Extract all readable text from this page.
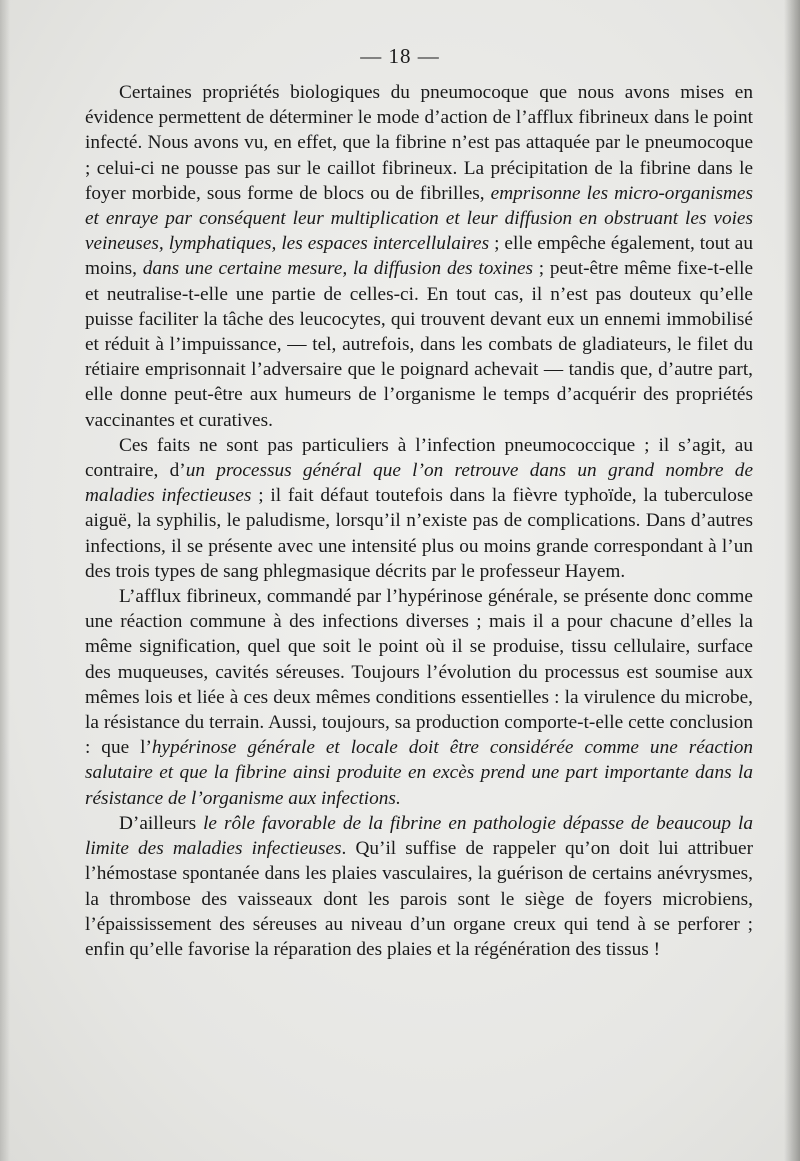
— 18 —

Certaines propriétés biologiques du pneumocoque que nous avons mises en évidence permettent de déterminer le mode d’action de l’afflux fibrineux dans le point infecté. Nous avons vu, en effet, que la fibrine n’est pas attaquée par le pneumocoque ; celui-ci ne pousse pas sur le caillot fibrineux. La précipitation de la fibrine dans le foyer morbide, sous forme de blocs ou de fibrilles, emprisonne les micro-organismes et enraye par conséquent leur multiplication et leur diffusion en obstruant les voies veineuses, lymphatiques, les espaces intercellulaires ; elle empêche également, tout au moins, dans une certaine mesure, la diffusion des toxines ; peut-être même fixe-t-elle et neutralise-t-elle une partie de celles-ci. En tout cas, il n’est pas douteux qu’elle puisse faciliter la tâche des leucocytes, qui trouvent devant eux un ennemi immobilisé et réduit à l’impuissance, — tel, autrefois, dans les combats de gladiateurs, le filet du rétiaire emprisonnait l’adversaire que le poignard achevait — tandis que, d’autre part, elle donne peut-être aux humeurs de l’organisme le temps d’acquérir des propriétés vaccinantes et curatives.

Ces faits ne sont pas particuliers à l’infection pneumococcique ; il s’agit, au contraire, d’un processus général que l’on retrouve dans un grand nombre de maladies infectieuses ; il fait défaut toutefois dans la fièvre typhoïde, la tuberculose aiguë, la syphilis, le paludisme, lorsqu’il n’existe pas de complications. Dans d’autres infections, il se présente avec une intensité plus ou moins grande correspondant à l’un des trois types de sang phlegmasique décrits par le professeur Hayem.

L’afflux fibrineux, commandé par l’hypérinose générale, se présente donc comme une réaction commune à des infections diverses ; mais il a pour chacune d’elles la même signification, quel que soit le point où il se produise, tissu cellulaire, surface des muqueuses, cavités séreuses. Toujours l’évolution du processus est soumise aux mêmes lois et liée à ces deux mêmes conditions essentielles : la virulence du microbe, la résistance du terrain. Aussi, toujours, sa production comporte-t-elle cette conclusion : que l’hypérinose générale et locale doit être considérée comme une réaction salutaire et que la fibrine ainsi produite en excès prend une part importante dans la résistance de l’organisme aux infections.

D’ailleurs le rôle favorable de la fibrine en pathologie dépasse de beaucoup la limite des maladies infectieuses. Qu’il suffise de rappeler qu’on doit lui attribuer l’hémostase spontanée dans les plaies vasculaires, la guérison de certains anévrysmes, la thrombose des vaisseaux dont les parois sont le siège de foyers microbiens, l’épaississement des séreuses au niveau d’un organe creux qui tend à se perforer ; enfin qu’elle favorise la réparation des plaies et la régénération des tissus !
